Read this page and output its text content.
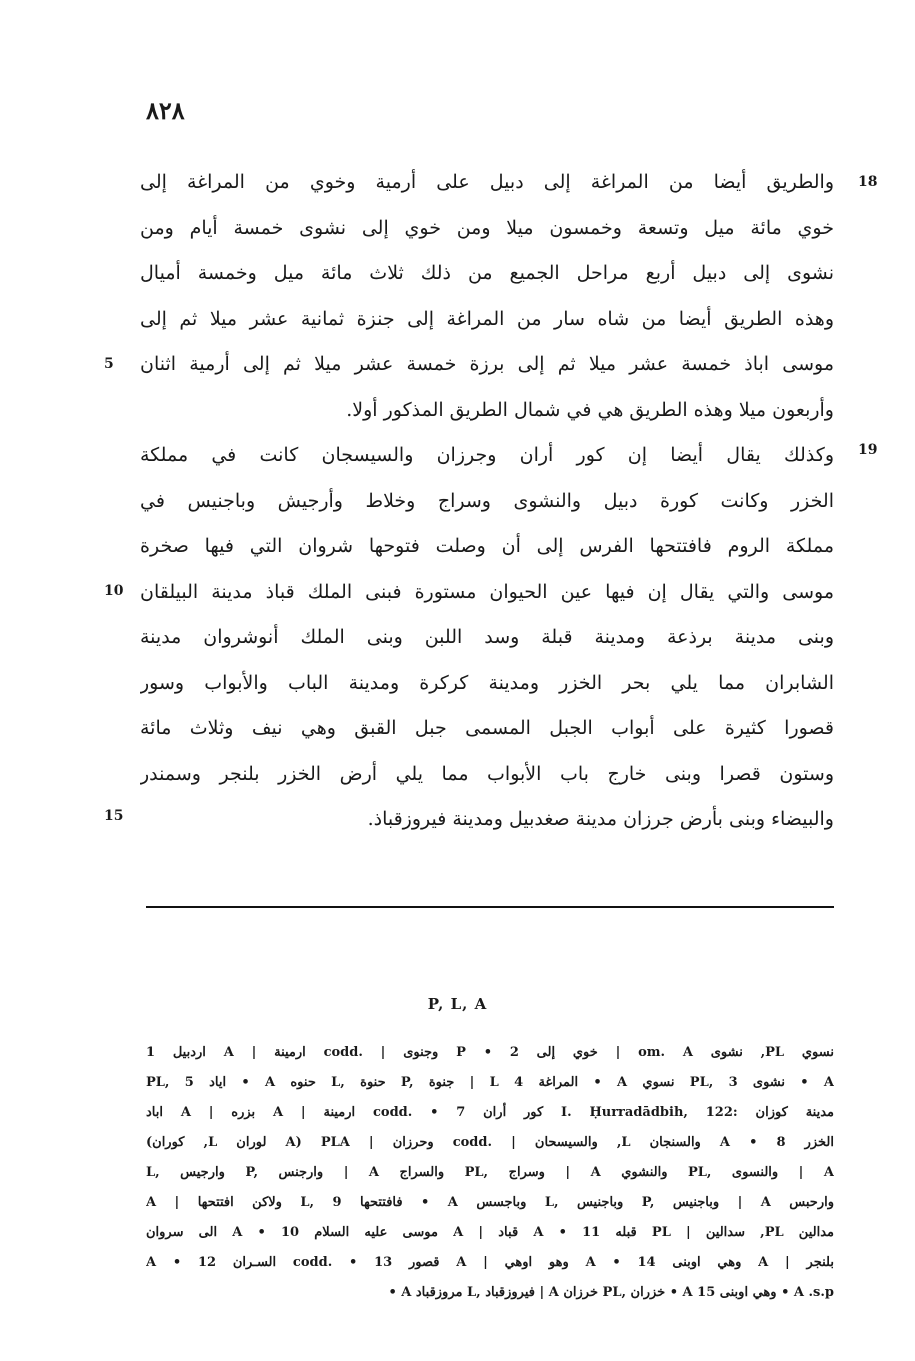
٨٢٨
والطريق أيضا من المراغة إلى دبيل على أرمية وخوي من المراغة إلى
خوي مائة ميل وتسعة وخمسون ميلا ومن خوي إلى نشوى خمسة أيام ومن
نشوى إلى دبيل أربع مراحل الجميع من ذلك ثلاث مائة ميل وخمسة أميال
وهذه الطريق أيضا من شاه سار من المراغة إلى جنزة ثمانية عشر ميلا ثم إلى
موسى اباذ خمسة عشر ميلا ثم إلى برزة خمسة عشر ميلا ثم إلى أرمية اثنان
وأربعون ميلا وهذه الطريق هي في شمال الطريق المذكور أولا.
وكذلك يقال أيضا إن كور أران وجرزان والسيسجان كانت في مملكة
الخزر وكانت كورة دبيل والنشوى وسراج وخلاط وأرجيش وباجنيس في
مملكة الروم فافتتحها الفرس إلى أن وصلت فتوحها شروان التي فيها صخرة
موسى والتي يقال إن فيها عين الحيوان مستورة فبنى الملك قباذ مدينة البيلقان
وبنى مدينة برذعة ومدينة قبلة وسد اللبن وبنى الملك أنوشروان مدينة
الشابران مما يلي بحر الخزر ومدينة كركرة ومدينة الباب والأبواب وسور
قصورا كثيرة على أبواب الجبل المسمى جبل القبق وهي نيف وثلاث مائة
وستون قصرا وبنى خارج باب الأبواب مما يلي أرض الخزر بلنجر وسمندر
والبيضاء وبنى بأرض جرزان مدينة صغدبيل ومدينة فيروزقباذ.
18
19
5
10
15
P, L, A
نسوي PL, نشوى om. A | خوي إلى 2 • P وجنوى | .codd ارمينة | A اردبيل 1
PL, اياد 5 • A حنوه L, حنوة P, جنوة | L المراغة 4 • A نسوي PL, نشوى 3 • A
مدينة كوزان :I. Ḥurradādbih, 122 كور أران 7 • .codd ارمينة | A بزره | A اباد
الخزر 8 • A والسنجان L, والسيسحان | .codd وحرزان | PLA (A لوران L, كوران)
L, وارجيس P, وارجنس | A والسراج PL, وسراج | A والنشوي PL, والنسوى | A
A | ولاكن افتتحها L, فافتتحها 9 • A وباجسس L, وباجنيس P, وباجنيس | A وارحبس
ﻣﺪالين PL, سدالين | PL قبله 11 • A قباد | A موسى عليه السلام 10 • A الى سروان
بلنجر | A وهي اوبنى 14 • A وهو اوهي | A قصور 13 • .codd السـران 12 • A
• A مروزقباد L, فيروزقباد | A خرزان PL, خزران • A وهي اوبنى 15 • A .s.p
